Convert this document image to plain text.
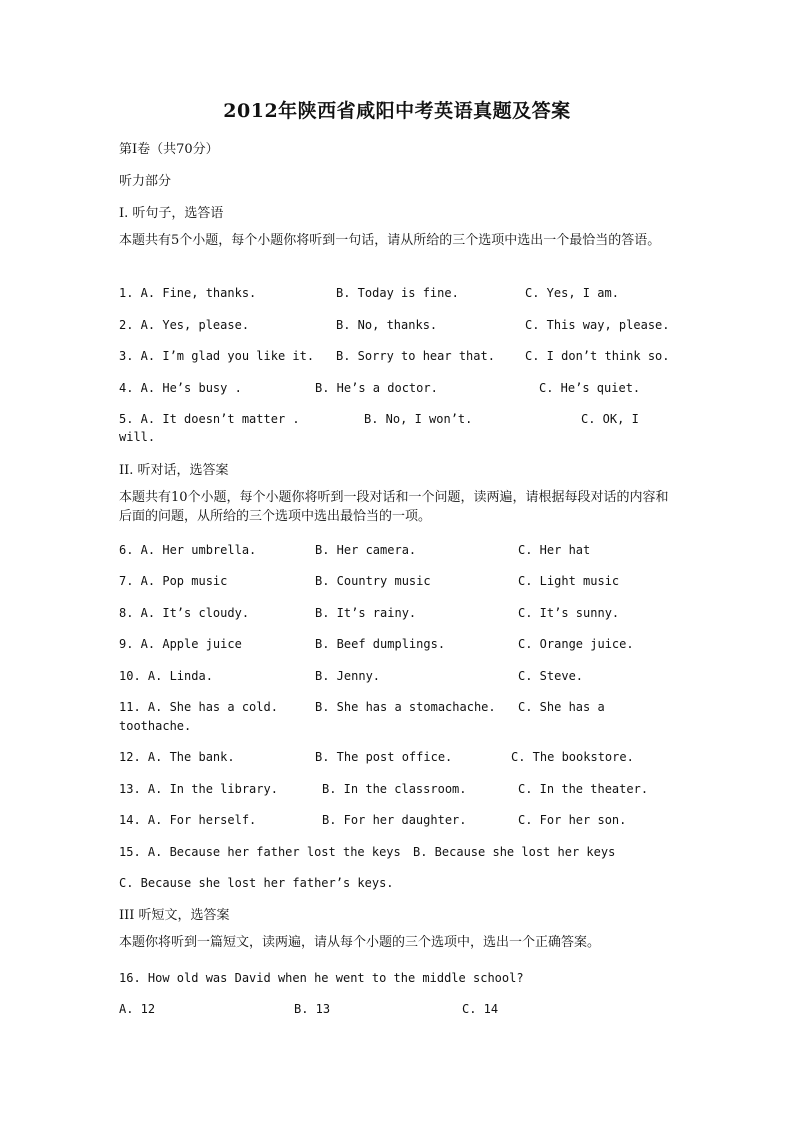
2012年陕西省咸阳中考英语真题及答案
第I卷（共70分）
听力部分
I. 听句子，选答语
本题共有5个小题，每个小题你将听到一句话，请从所给的三个选项中选出一个最恰当的答语。
1. A. Fine, thanks.	B. Today is fine.	C. Yes, I am.
2. A. Yes, please.	B. No, thanks.	C. This way, please.
3. A. I’m glad you like it. B. Sorry to hear that.	C. I don’t think so.
4. A. He’s busy .	B. He’s a doctor.	C. He’s quiet.
5. A. It doesn’t matter .	B. No, I won’t.	C. OK, I
will.
II. 听对话，选答案
本题共有10个小题，每个小题你将听到一段对话和一个问题，读两遍，请根据每段对话的内容和后面的问题，从所给的三个选项中选出最恰当的一项。
6. A. Her umbrella.	B. Her camera.	C. Her hat
7. A. Pop music	B. Country music	C. Light music
8. A. It’s cloudy.	B. It’s rainy.	C. It’s sunny.
9. A. Apple juice	B. Beef dumplings.	C. Orange juice.
10. A. Linda.	B. Jenny.	C. Steve.
11. A. She has a cold.	B. She has a stomachache. C. She has a
toothache.
12. A. The bank.	B. The post office.	C. The bookstore.
13. A. In the library.	B. In the classroom.	C. In the theater.
14. A. For herself.	B. For her daughter.	C. For her son.
15. A. Because her father lost the keys B. Because she lost her keys
C. Because she lost her father’s keys.
III 听短文，选答案
本题你将听到一篇短文，读两遍，请从每个小题的三个选项中，选出一个正确答案。
16. How old was David when he went to the middle school?
A. 12	B. 13	C. 14
